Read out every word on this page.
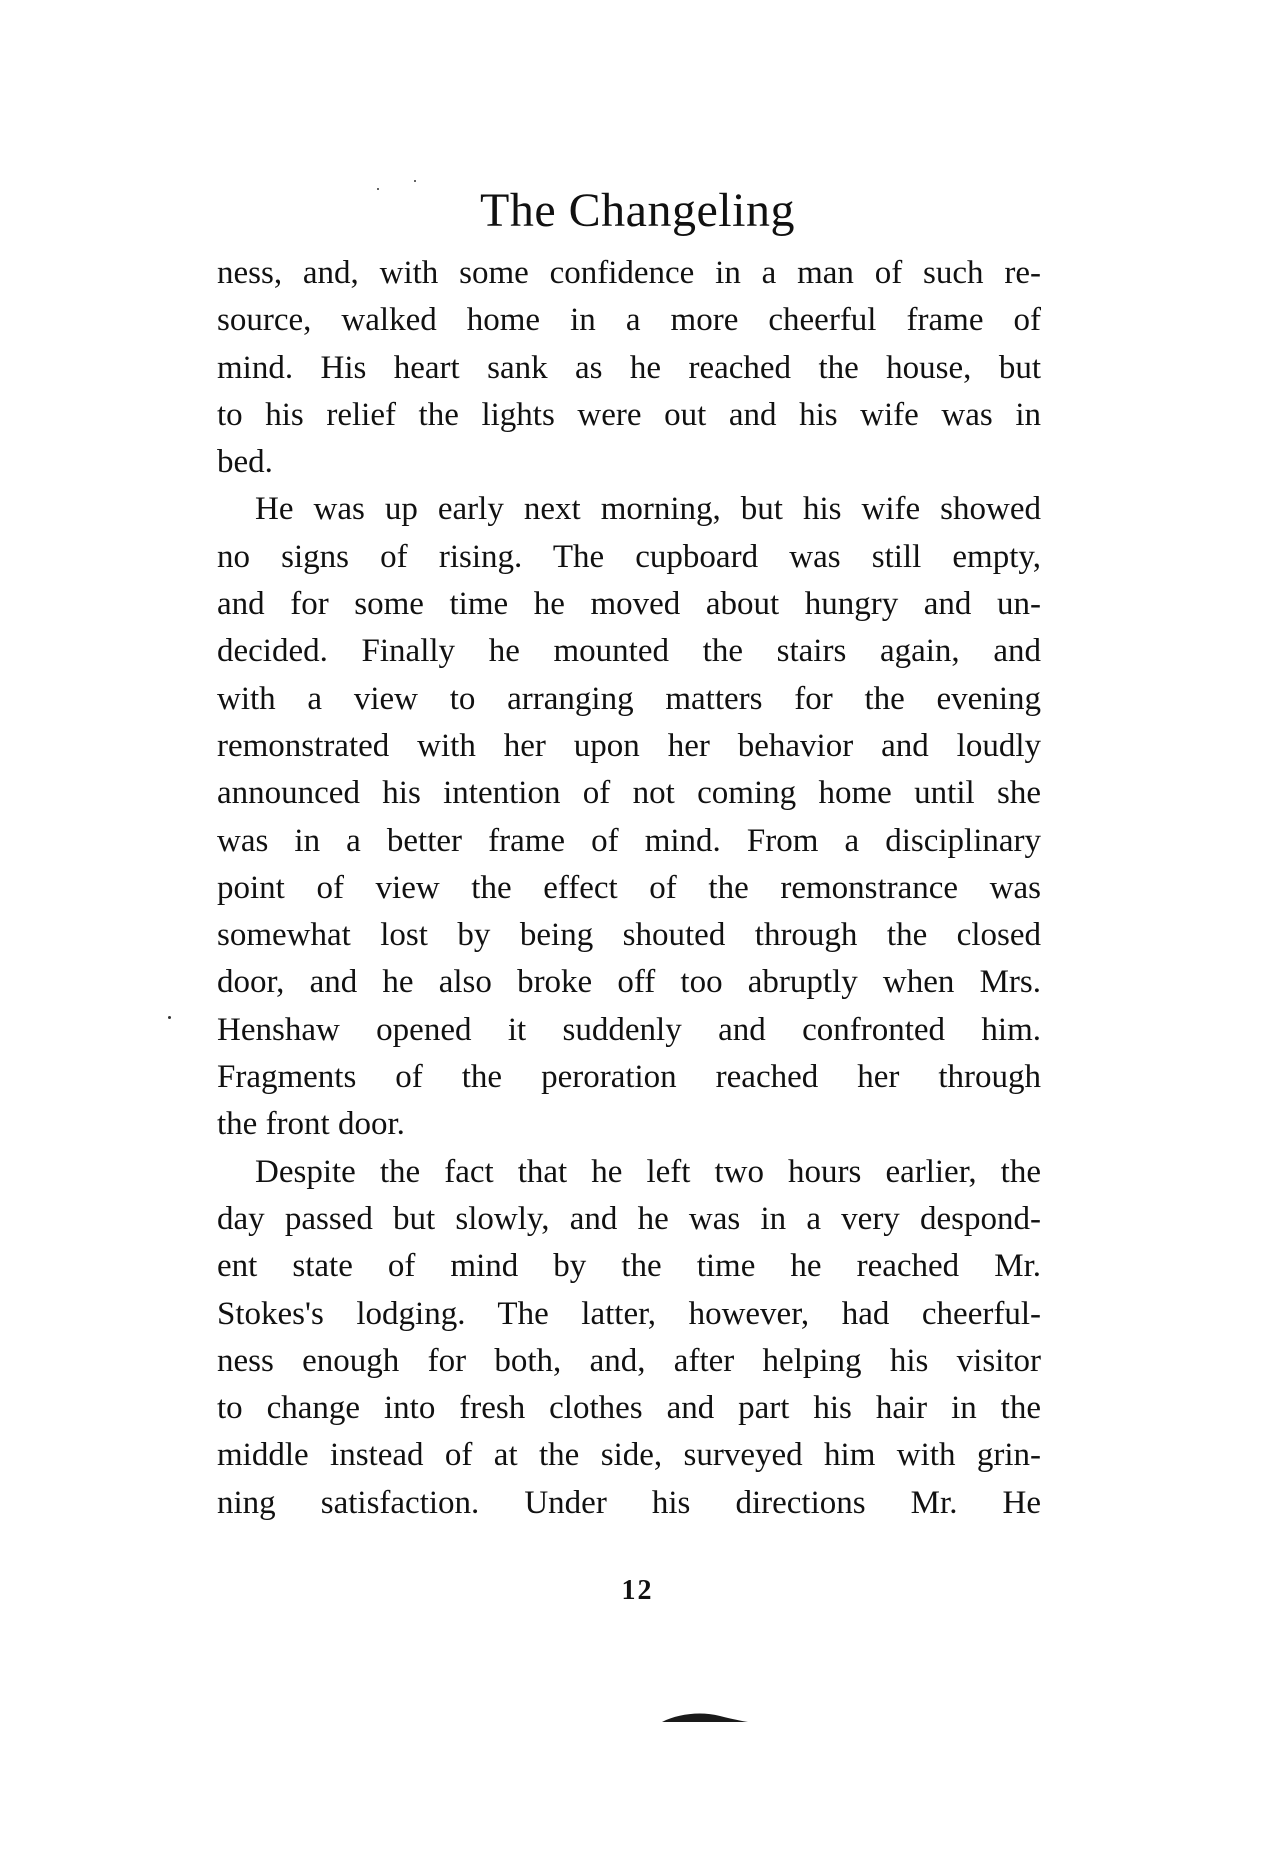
The Changeling
ness, and, with some confidence in a man of such re-
source, walked home in a more cheerful frame of
mind. His heart sank as he reached the house, but
to his relief the lights were out and his wife was in
bed.
He was up early next morning, but his wife showed
no signs of rising. The cupboard was still empty,
and for some time he moved about hungry and un-
decided. Finally he mounted the stairs again, and
with a view to arranging matters for the evening
remonstrated with her upon her behavior and loudly
announced his intention of not coming home until she
was in a better frame of mind. From a disciplinary
point of view the effect of the remonstrance was
somewhat lost by being shouted through the closed
door, and he also broke off too abruptly when Mrs.
Henshaw opened it suddenly and confronted him.
Fragments of the peroration reached her through
the front door.
Despite the fact that he left two hours earlier, the
day passed but slowly, and he was in a very despond-
ent state of mind by the time he reached Mr.
Stokes's lodging. The latter, however, had cheerful-
ness enough for both, and, after helping his visitor
to change into fresh clothes and part his hair in the
middle instead of at the side, surveyed him with grin-
ning satisfaction. Under his directions Mr. He
12
